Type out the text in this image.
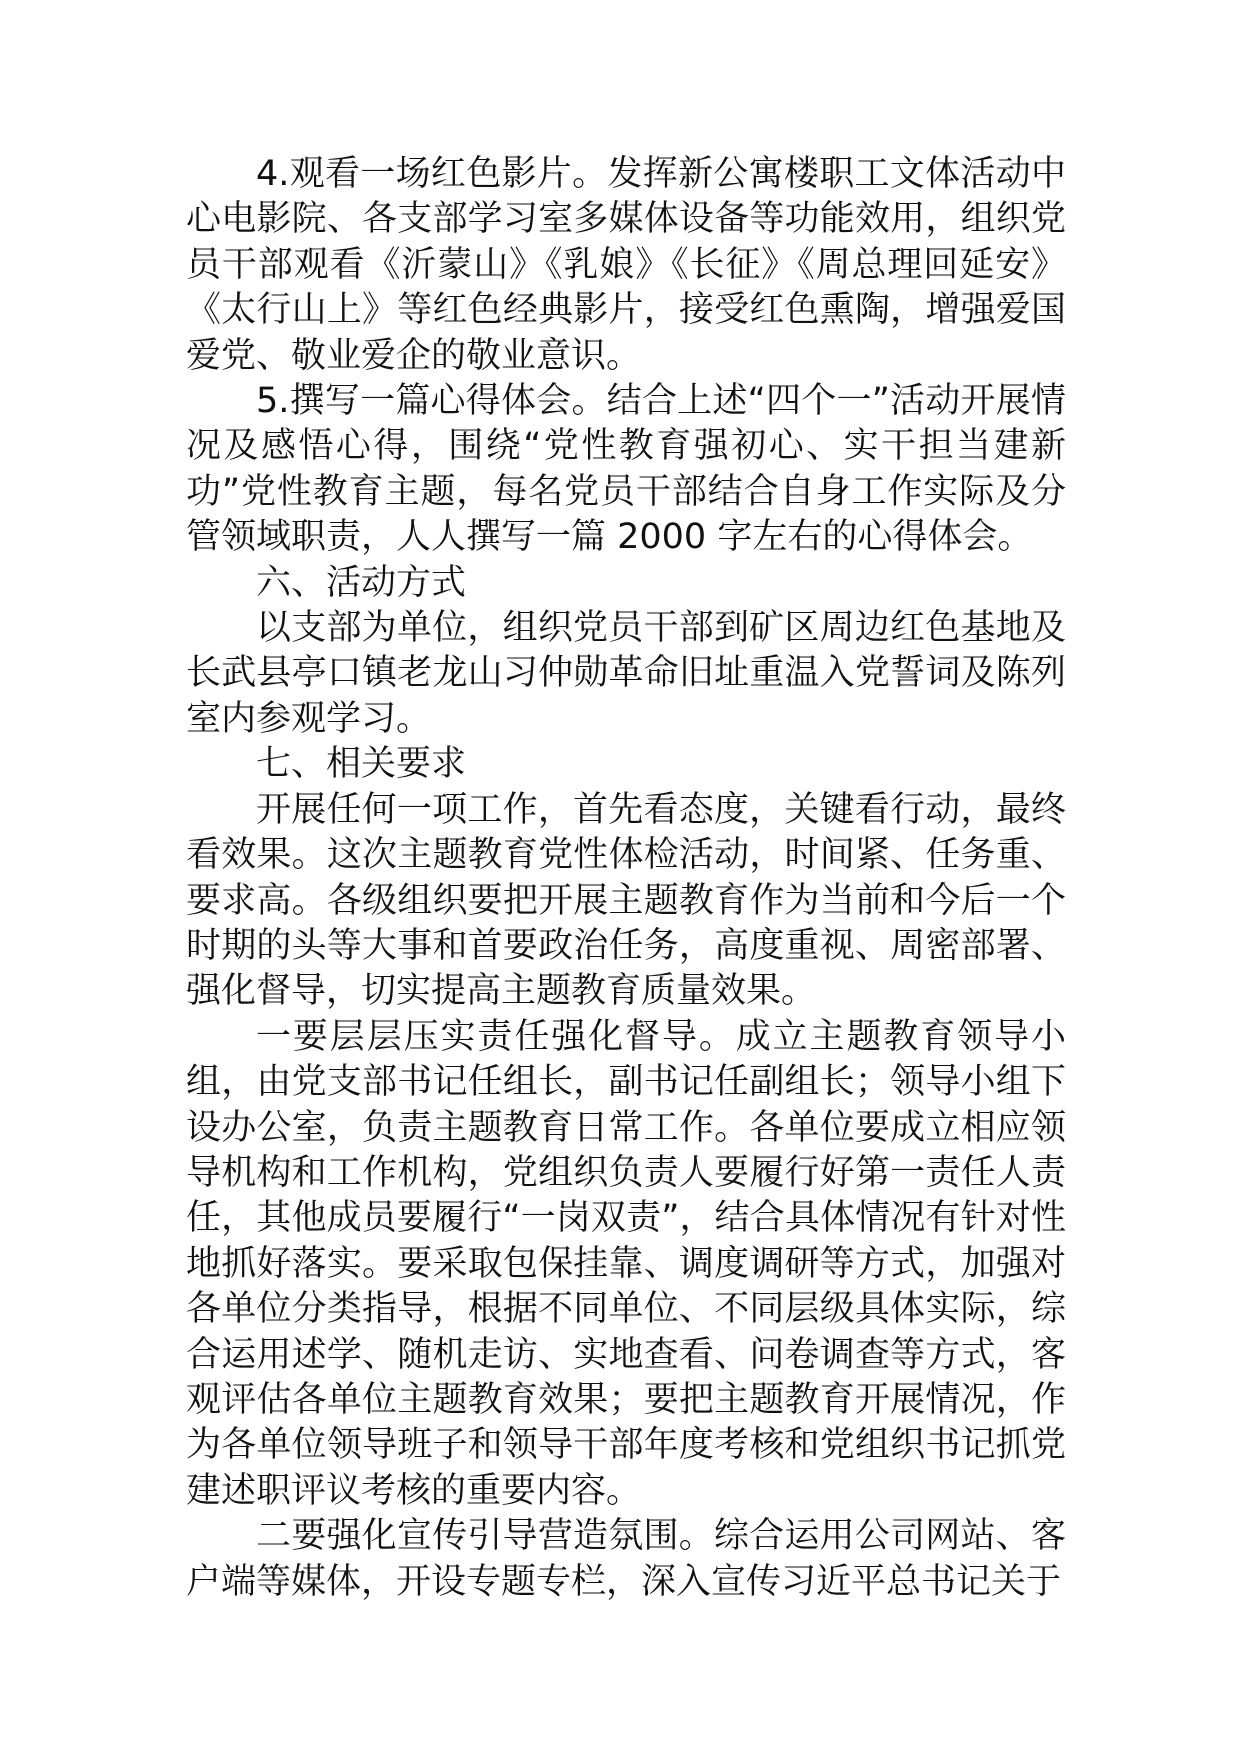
4.观看一场红色影片。发挥新公寓楼职工文体活动中心电影院、各支部学习室多媒体设备等功能效用，组织党员干部观看《沂蒙山》《乳娘》《长征》《周总理回延安》《太行山上》等红色经典影片，接受红色熏陶，增强爱国爱党、敬业爱企的敬业意识。

5.撰写一篇心得体会。结合上述“四个一”活动开展情况及感悟心得，围绕“党性教育强初心、实干担当建新功”党性教育主题，每名党员干部结合自身工作实际及分管领域职责，人人撰写一篇 2000 字左右的心得体会。

六、活动方式

以支部为单位，组织党员干部到矿区周边红色基地及长武县亭口镇老龙山习仲勋革命旧址重温入党誓词及陈列室内参观学习。

七、相关要求

开展任何一项工作，首先看态度，关键看行动，最终看效果。这次主题教育党性体检活动，时间紧、任务重、要求高。各级组织要把开展主题教育作为当前和今后一个时期的头等大事和首要政治任务，高度重视、周密部署、强化督导，切实提高主题教育质量效果。

一要层层压实责任强化督导。成立主题教育领导小组，由党支部书记任组长，副书记任副组长；领导小组下设办公室，负责主题教育日常工作。各单位要成立相应领导机构和工作机构，党组织负责人要履行好第一责任人责任，其他成员要履行“一岗双责”，结合具体情况有针对性地抓好落实。要采取包保挂靠、调度调研等方式，加强对各单位分类指导，根据不同单位、不同层级具体实际，综合运用述学、随机走访、实地查看、问卷调查等方式，客观评估各单位主题教育效果；要把主题教育开展情况，作为各单位领导班子和领导干部年度考核和党组织书记抓党建述职评议考核的重要内容。

二要强化宣传引导营造氛围。综合运用公司网站、客户端等媒体，开设专题专栏，深入宣传习近平总书记关于
